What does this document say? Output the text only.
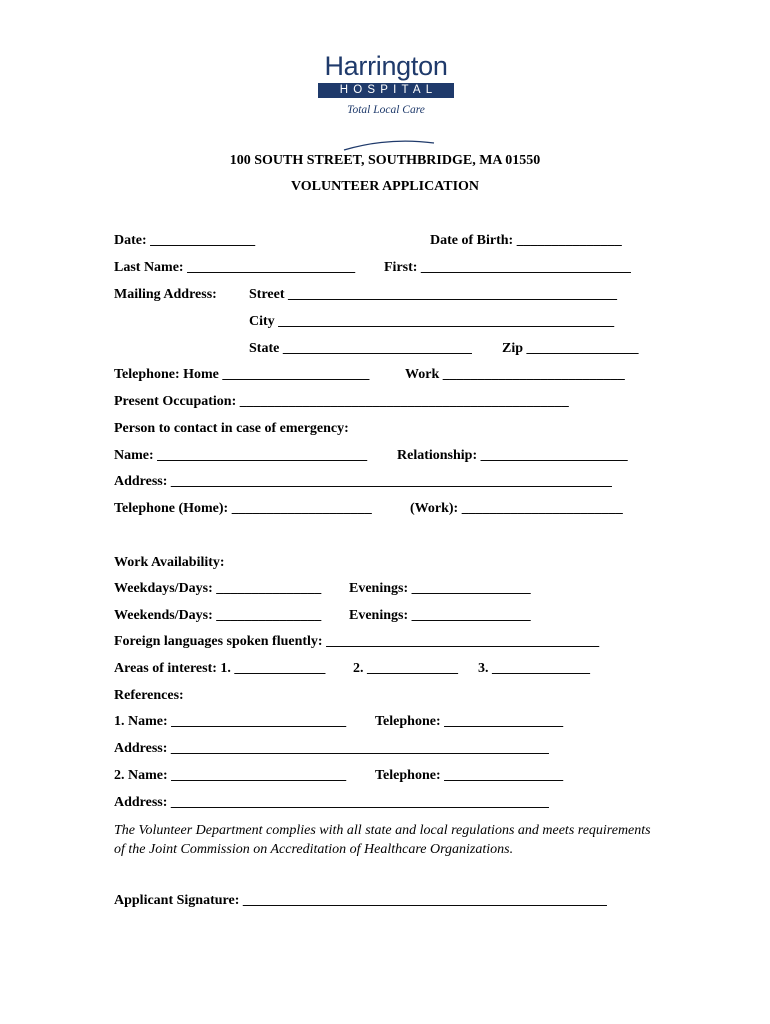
Harrington
HOSPITAL
Total Local Care
100 SOUTH STREET, SOUTHBRIDGE, MA 01550
VOLUNTEER APPLICATION
Date: _______________	Date of Birth: _______________
Last Name: ________________________ First: ______________________________
Mailing Address: Street _______________________________________________
City ________________________________________________
State ___________________________ Zip ________________
Telephone: Home _____________________	Work __________________________
Present Occupation: _______________________________________________
Person to contact in case of emergency:
Name: ______________________________ Relationship: _____________________
Address: _______________________________________________________________
Telephone (Home): ____________________	(Work): _______________________
Work Availability:
Weekdays/Days: _______________ Evenings: _________________
Weekends/Days: _______________ Evenings: _________________
Foreign languages spoken fluently: _______________________________________
Areas of interest: 1. _____________ 2. _____________ 3. ______________
References:
1. Name: _________________________ Telephone: _________________
Address: ______________________________________________________
2. Name: _________________________ Telephone: _________________
Address: ______________________________________________________
The Volunteer Department complies with all state and local regulations and meets requirements of the Joint Commission on Accreditation of Healthcare Organizations.
Applicant Signature: ____________________________________________________
